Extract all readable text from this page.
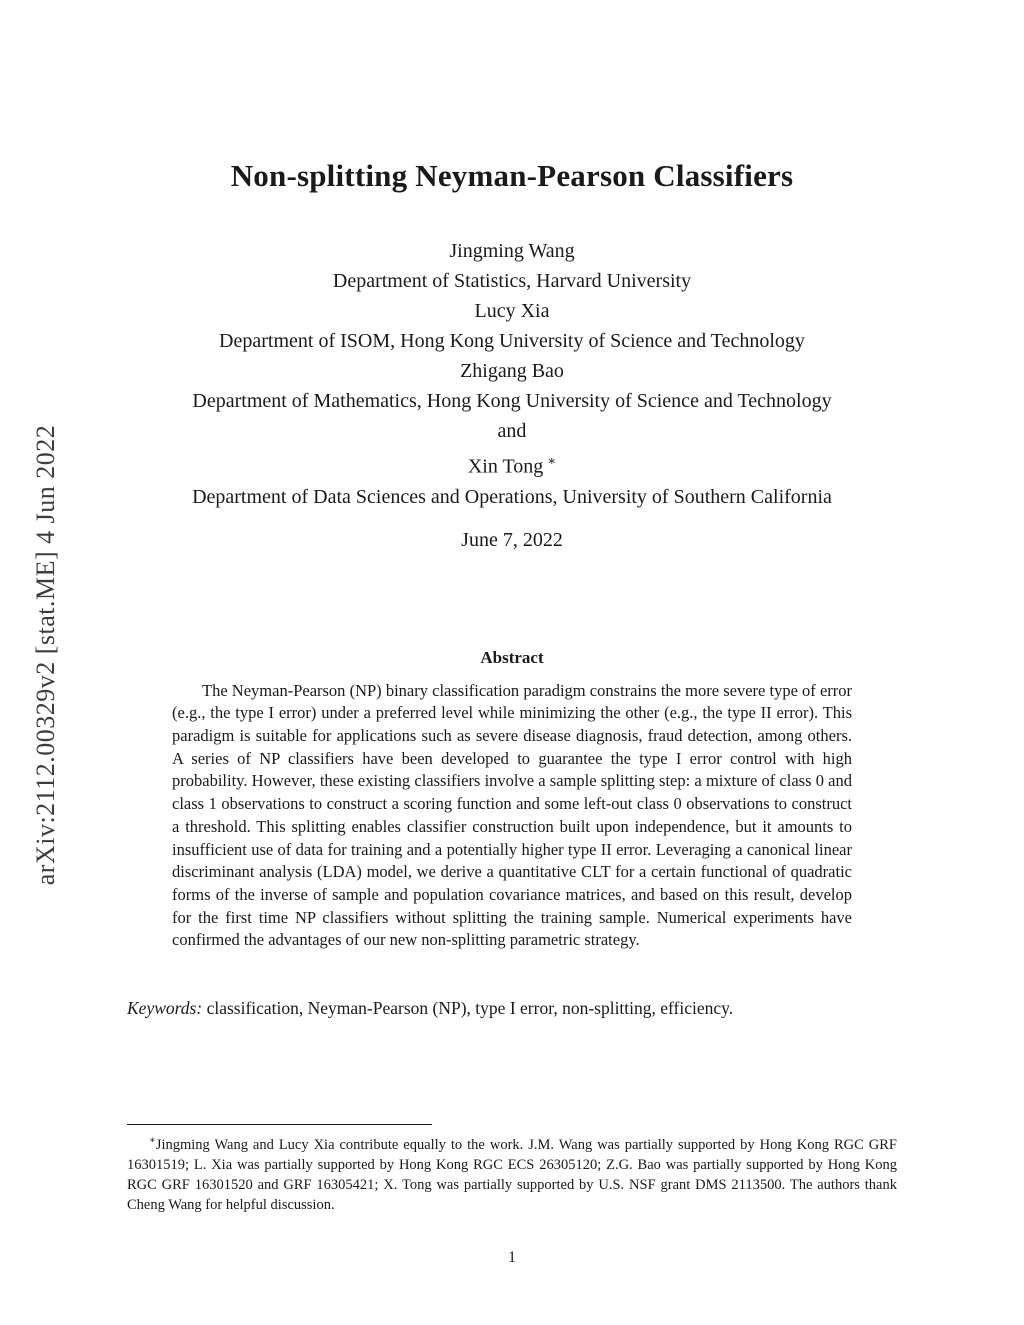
arXiv:2112.00329v2 [stat.ME] 4 Jun 2022
Non-splitting Neyman-Pearson Classifiers
Jingming Wang
Department of Statistics, Harvard University
Lucy Xia
Department of ISOM, Hong Kong University of Science and Technology
Zhigang Bao
Department of Mathematics, Hong Kong University of Science and Technology
and
Xin Tong ∗
Department of Data Sciences and Operations, University of Southern California
June 7, 2022
Abstract

The Neyman-Pearson (NP) binary classification paradigm constrains the more severe type of error (e.g., the type I error) under a preferred level while minimizing the other (e.g., the type II error). This paradigm is suitable for applications such as severe disease diagnosis, fraud detection, among others. A series of NP classifiers have been developed to guarantee the type I error control with high probability. However, these existing classifiers involve a sample splitting step: a mixture of class 0 and class 1 observations to construct a scoring function and some left-out class 0 observations to construct a threshold. This splitting enables classifier construction built upon independence, but it amounts to insufficient use of data for training and a potentially higher type II error. Leveraging a canonical linear discriminant analysis (LDA) model, we derive a quantitative CLT for a certain functional of quadratic forms of the inverse of sample and population covariance matrices, and based on this result, develop for the first time NP classifiers without splitting the training sample. Numerical experiments have confirmed the advantages of our new non-splitting parametric strategy.

Keywords: classification, Neyman-Pearson (NP), type I error, non-splitting, efficiency.

∗Jingming Wang and Lucy Xia contribute equally to the work. J.M. Wang was partially supported by Hong Kong RGC GRF 16301519; L. Xia was partially supported by Hong Kong RGC ECS 26305120; Z.G. Bao was partially supported by Hong Kong RGC GRF 16301520 and GRF 16305421; X. Tong was partially supported by U.S. NSF grant DMS 2113500. The authors thank Cheng Wang for helpful discussion.

1
